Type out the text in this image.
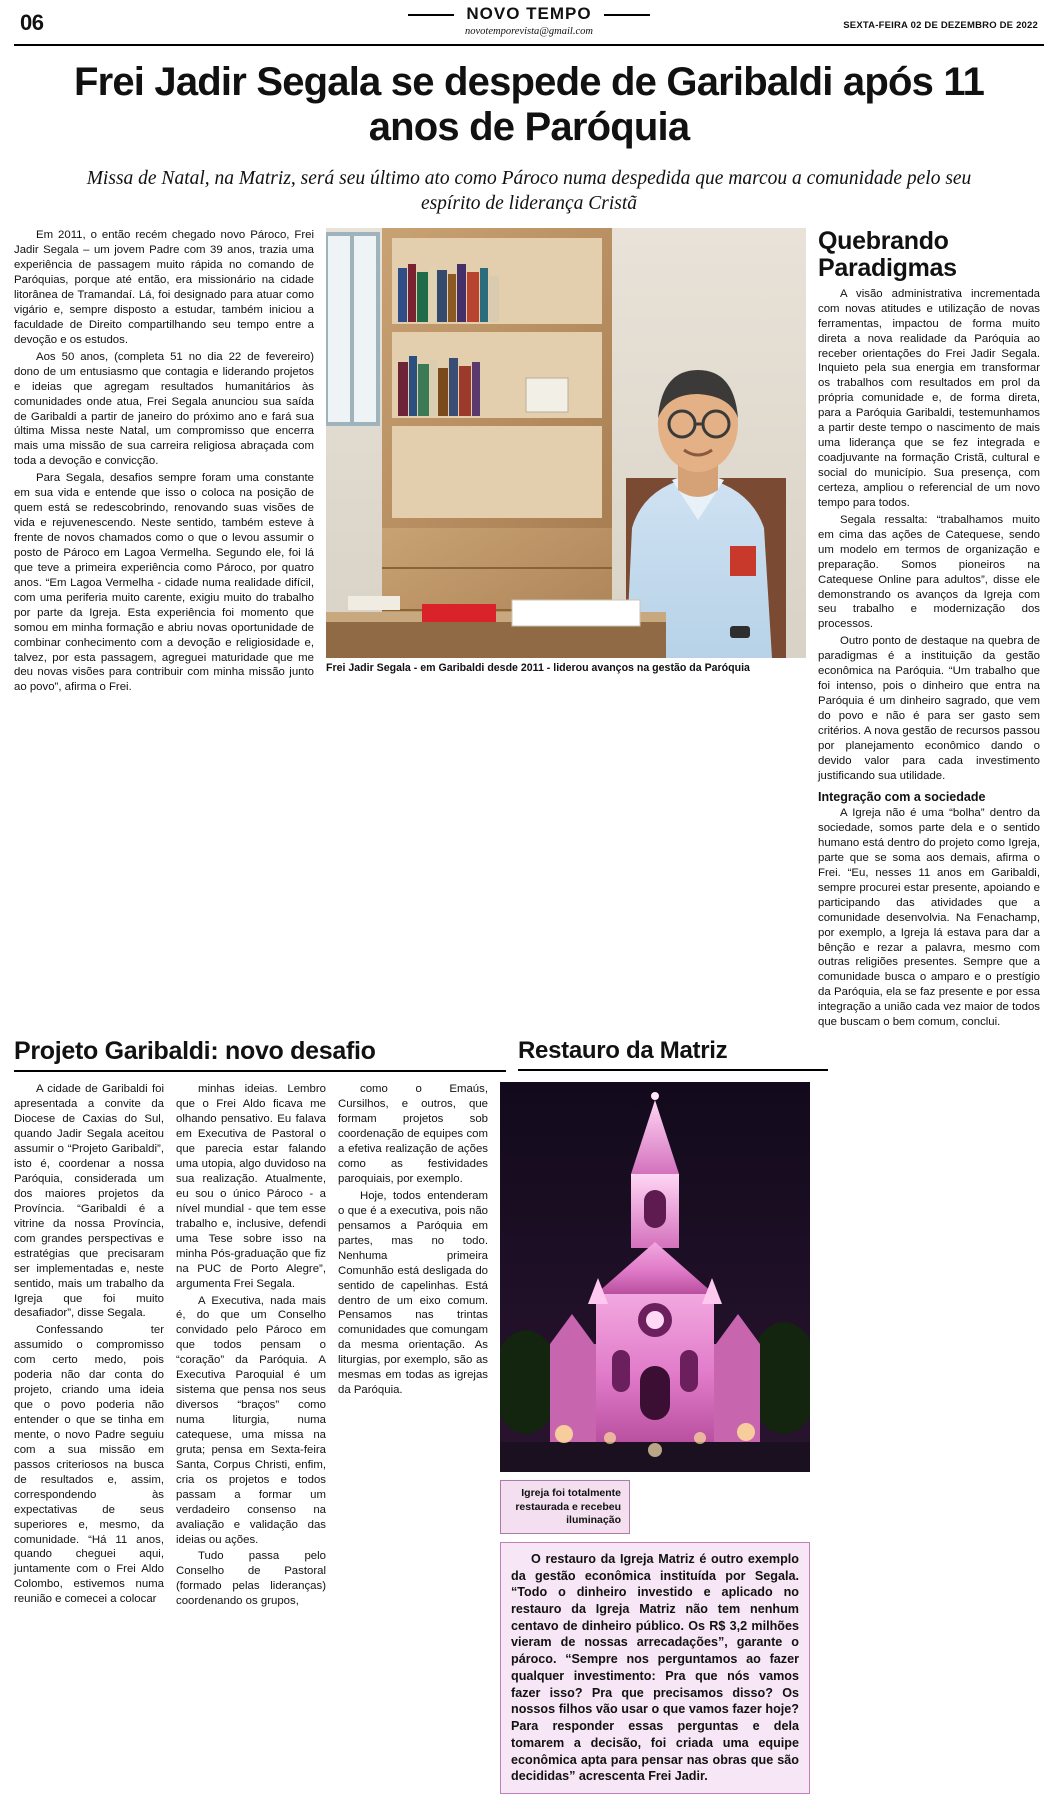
06	NOVO TEMPO
novotemporevista@gmail.com
SEXTA-FEIRA 02 DE DEZEMBRO DE 2022
Frei Jadir Segala se despede de Garibaldi após 11 anos de Paróquia
Missa de Natal, na Matriz, será seu último ato como Pároco numa despedida que marcou a comunidade pelo seu espírito de liderança Cristã

Em 2011, o então recém chegado novo Pároco, Frei Jadir Segala – um jovem Padre com 39 anos, trazia uma experiência de passagem muito rápida no comando de Paróquias, porque até então, era missionário na cidade litorânea de Tramandaí. Lá, foi designado para atuar como vigário e, sempre disposto a estudar, também iniciou a faculdade de Direito compartilhando seu tempo entre a devoção e os estudos.

Aos 50 anos, (completa 51 no dia 22 de fevereiro) dono de um entusiasmo que contagia e liderando projetos e ideias que agregam resultados humanitários às comunidades onde atua, Frei Segala anunciou sua saída de Garibaldi a partir de janeiro do próximo ano e fará sua última Missa neste Natal, um compromisso que encerra mais uma missão de sua carreira religiosa abraçada com toda a devoção e convicção.

Para Segala, desafios sempre foram uma constante em sua vida e entende que isso o coloca na posição de quem está se redescobrindo, renovando suas visões de vida e rejuvenescendo. Neste sentido, também esteve à frente de novos chamados como o que o levou assumir o posto de Pároco em Lagoa Vermelha. Segundo ele, foi lá que teve a primeira experiência como Pároco, por quatro anos. “Em Lagoa Vermelha - cidade numa realidade difícil, com uma periferia muito carente, exigiu muito do trabalho por parte da Igreja. Esta experiência foi momento que somou em minha formação e abriu novas oportunidade de combinar conhecimento com a devoção e religiosidade e, talvez, por esta passagem, agreguei maturidade que me deu novas visões para contribuir com minha missão junto ao povo”, afirma o Frei.

Frei Jadir Segala - em Garibaldi desde 2011 - liderou avanços na gestão da Paróquia
Quebrando Paradigmas

A visão administrativa incrementada com novas atitudes e utilização de novas ferramentas, impactou de forma muito direta a nova realidade da Paróquia ao receber orientações do Frei Jadir Segala. Inquieto pela sua energia em transformar os trabalhos com resultados em prol da própria comunidade e, de forma direta, para a Paróquia Garibaldi, testemunhamos a partir deste tempo o nascimento de mais uma liderança que se fez integrada e coadjuvante na formação Cristã, cultural e social do município. Sua presença, com certeza, ampliou o referencial de um novo tempo para todos.

Segala ressalta: “trabalhamos muito em cima das ações de Catequese, sendo um modelo em termos de organização e preparação. Somos pioneiros na Catequese Online para adultos”, disse ele demonstrando os avanços da Igreja com seu trabalho e modernização dos processos.

Outro ponto de destaque na quebra de paradigmas é a instituição da gestão econômica na Paróquia. “Um trabalho que foi intenso, pois o dinheiro que entra na Paróquia é um dinheiro sagrado, que vem do povo e não é para ser gasto sem critérios. A nova gestão de recursos passou por planejamento econômico dando o devido valor para cada investimento justificando sua utilidade.

Integração com a sociedade

A Igreja não é uma “bolha” dentro da sociedade, somos parte dela e o sentido humano está dentro do projeto como Igreja, parte que se soma aos demais, afirma o Frei. “Eu, nesses 11 anos em Garibaldi, sempre procurei estar presente, apoiando e participando das atividades que a comunidade desenvolvia. Na Fenachamp, por exemplo, a Igreja lá estava para dar a bênção e rezar a palavra, mesmo com outras religiões presentes. Sempre que a comunidade busca o amparo e o prestígio da Paróquia, ela se faz presente e por essa integração a união cada vez maior de todos que buscam o bem comum, conclui.

Projeto Garibaldi: novo desafio	Restauro da Matriz

A cidade de Garibaldi foi apresentada a convite da Diocese de Caxias do Sul, quando Jadir Segala aceitou assumir o “Projeto Garibaldi”, isto é, coordenar a nossa Paróquia, considerada um dos maiores projetos da Província. “Garibaldi é a vitrine da nossa Província, com grandes perspectivas e estratégias que precisaram ser implementadas e, neste sentido, mais um trabalho da Igreja que foi muito desafiador”, disse Segala.

Confessando ter assumido o compromisso com certo medo, pois poderia não dar conta do projeto, criando uma ideia que o povo poderia não entender o que se tinha em mente, o novo Padre seguiu com a sua missão em passos criteriosos na busca de resultados e, assim, correspondendo às expectativas de seus superiores e, mesmo, da comunidade. “Há 11 anos, quando cheguei aqui, juntamente com o Frei Aldo Colombo, estivemos numa reunião e comecei a colocar

minhas ideias. Lembro que o Frei Aldo ficava me olhando pensativo. Eu falava em Executiva de Pastoral o que parecia estar falando uma utopia, algo duvidoso na sua realização. Atualmente, eu sou o único Pároco - a nível mundial - que tem esse trabalho e, inclusive, defendi uma Tese sobre isso na minha Pós-graduação que fiz na PUC de Porto Alegre”, argumenta Frei Segala.

A Executiva, nada mais é, do que um Conselho convidado pelo Pároco em que todos pensam o “coração” da Paróquia. A Executiva Paroquial é um sistema que pensa nos seus diversos “braços” como numa liturgia, numa catequese, uma missa na gruta; pensa em Sexta-feira Santa, Corpus Christi, enfim, cria os projetos e todos passam a formar um verdadeiro consenso na avaliação e validação das ideias ou ações.

Tudo passa pelo Conselho de Pastoral (formado pelas lideranças) coordenando os grupos,

como o Emaús, Cursilhos, e outros, que formam projetos sob coordenação de equipes com a efetiva realização de ações como as festividades paroquiais, por exemplo.

Hoje, todos entenderam o que é a executiva, pois não pensamos a Paróquia em partes, mas no todo. Nenhuma primeira Comunhão está desligada do sentido de capelinhas. Está dentro de um eixo comum. Pensamos nas trintas comunidades que comungam da mesma orientação. As liturgias, por exemplo, são as mesmas em todas as igrejas da Paróquia.

Igreja foi totalmente restaurada e recebeu iluminação
O restauro da Igreja Matriz é outro exemplo da gestão econômica instituída por Segala. “Todo o dinheiro investido e aplicado no restauro da Igreja Matriz não tem nenhum centavo de dinheiro público. Os R$ 3,2 milhões vieram de nossas arrecadações”, garante o pároco. “Sempre nos perguntamos ao fazer qualquer investimento: Pra que nós vamos fazer isso? Pra que precisamos disso? Os nossos filhos vão usar o que vamos fazer hoje? Para responder essas perguntas e dela tomarem a decisão, foi criada uma equipe econômica apta para pensar nas obras que são decididas” acrescenta Frei Jadir.
